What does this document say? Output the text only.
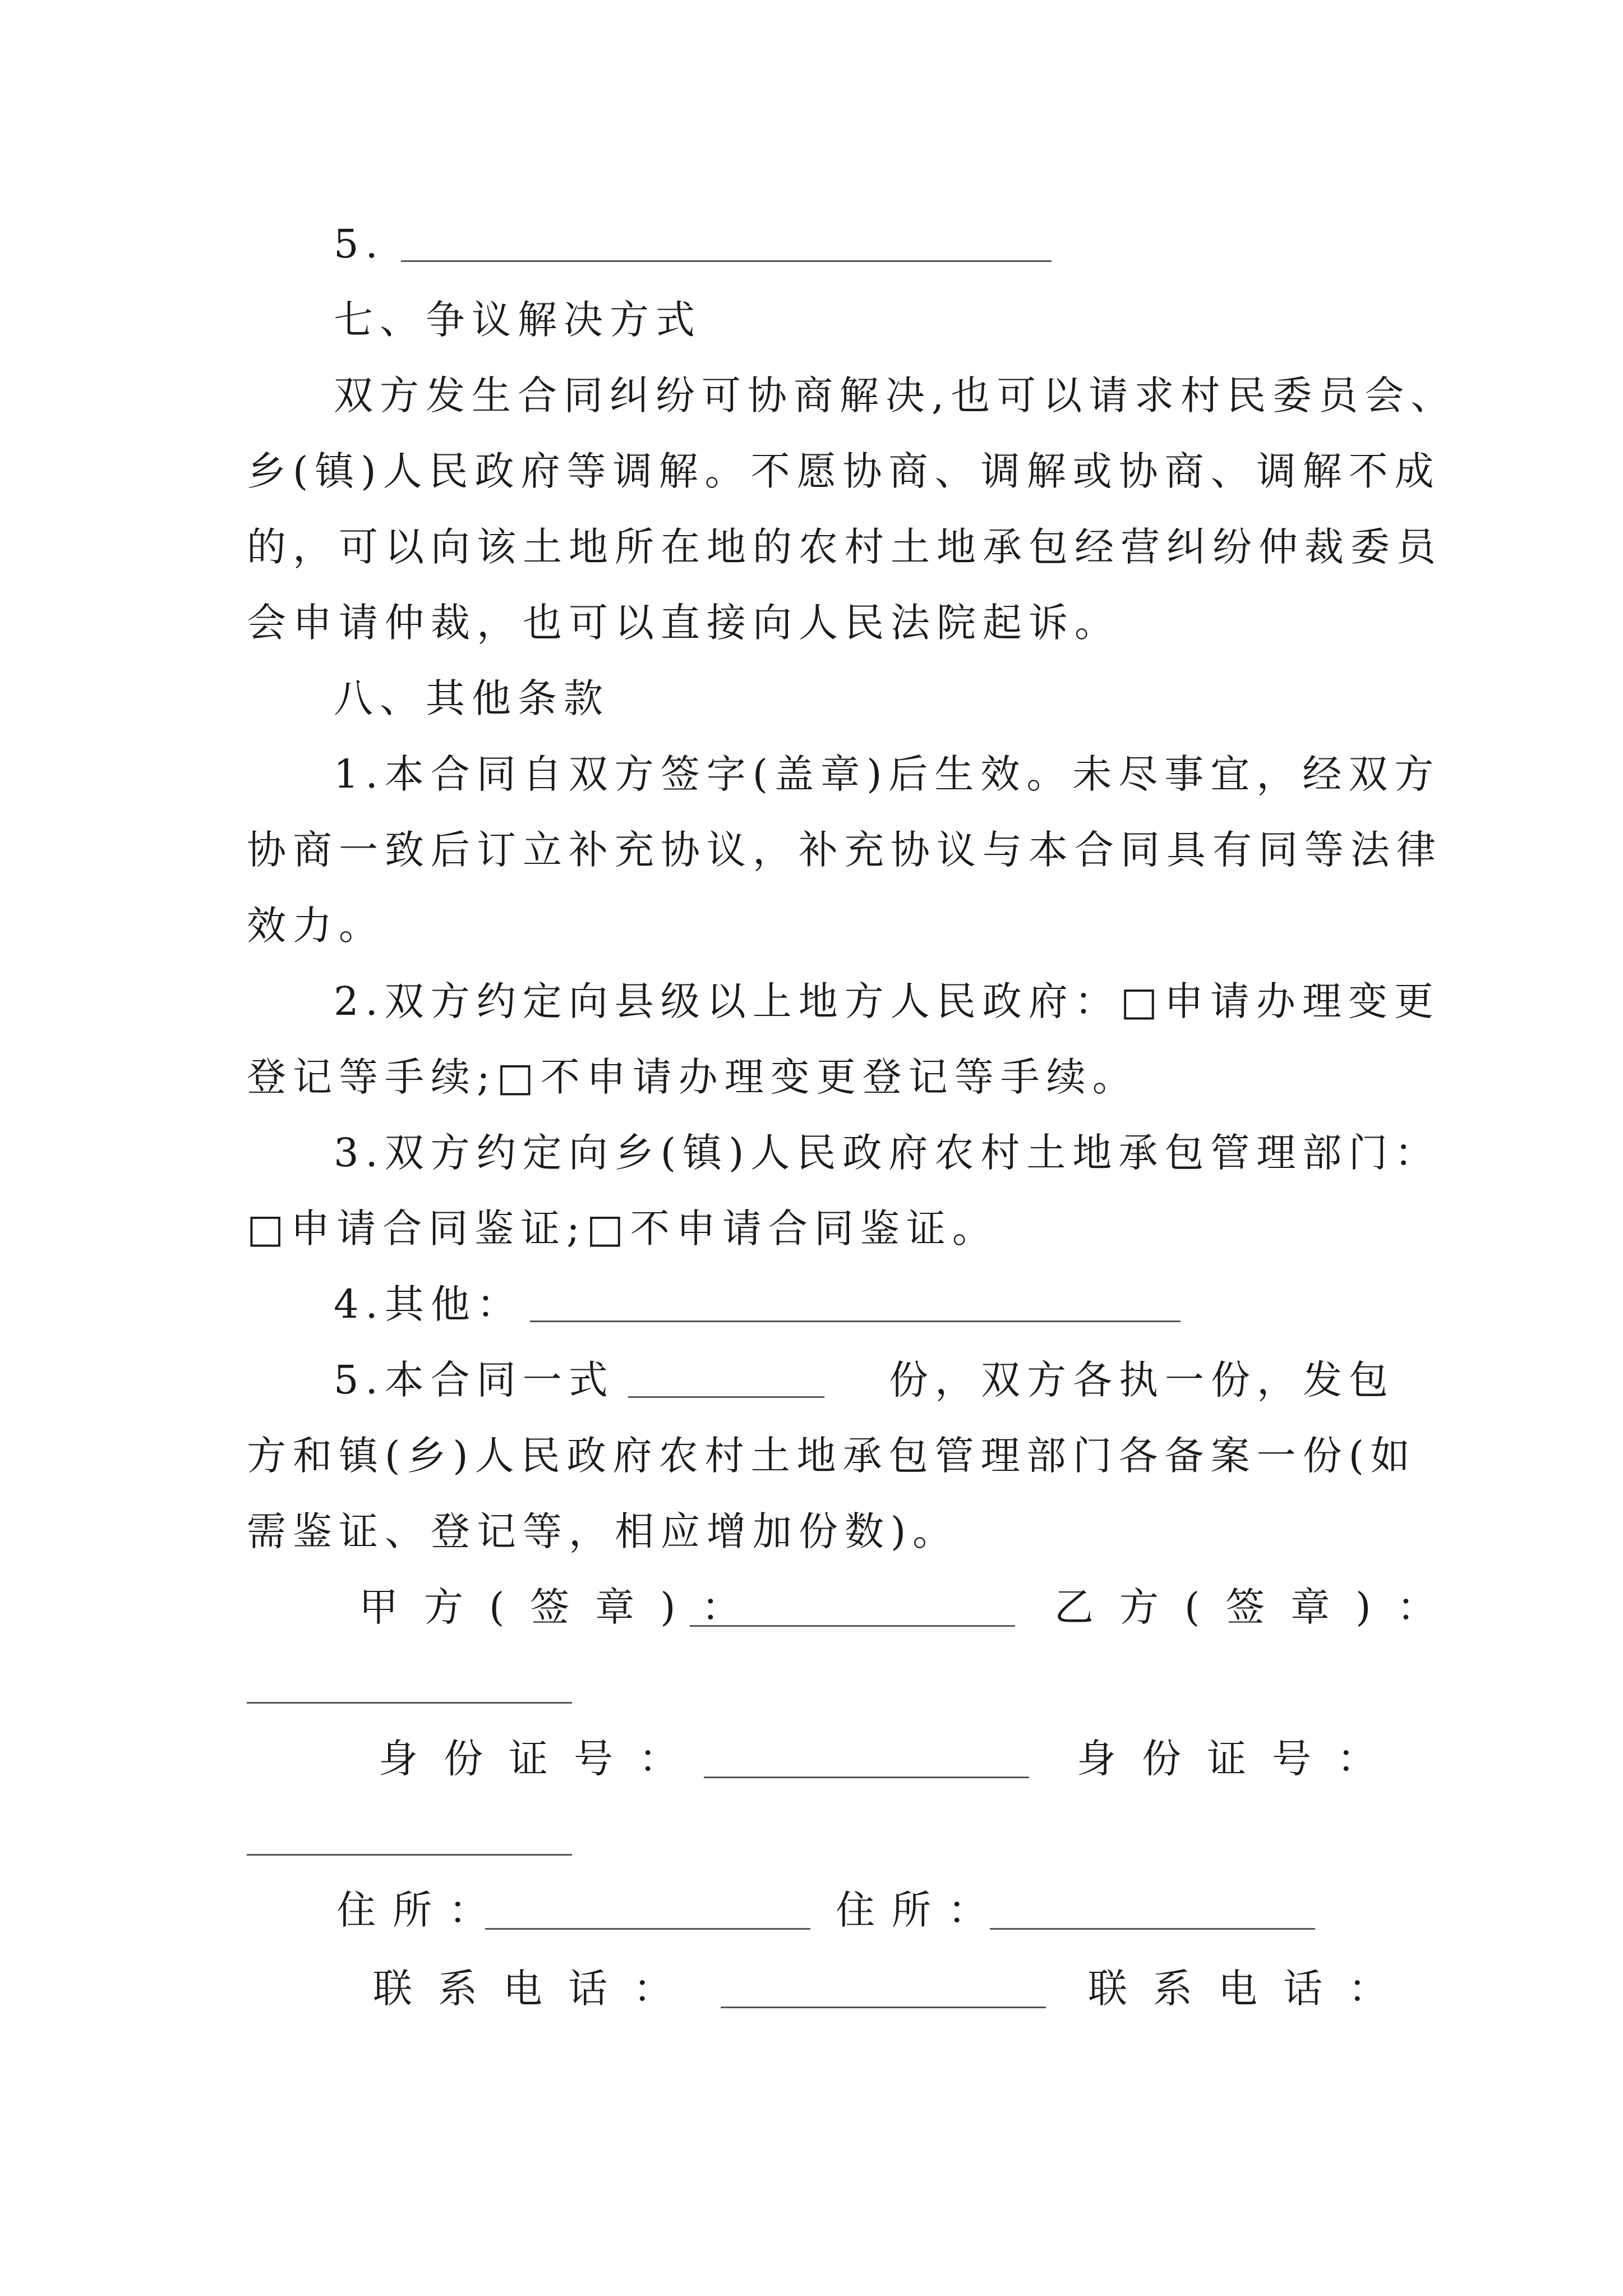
5.
七、争议解决方式
双方发生合同纠纷可协商解决,也可以请求村民委员会、
乡(镇)人民政府等调解。不愿协商、调解或协商、调解不成
的，可以向该土地所在地的农村土地承包经营纠纷仲裁委员
会申请仲裁，也可以直接向人民法院起诉。
八、其他条款
1.本合同自双方签字(盖章)后生效。未尽事宜，经双方
协商一致后订立补充协议，补充协议与本合同具有同等法律
效力。
2.双方约定向县级以上地方人民政府：□申请办理变更
登记等手续;□不申请办理变更登记等手续。
3.双方约定向乡(镇)人民政府农村土地承包管理部门：
□申请合同鉴证;□不申请合同鉴证。
4.其他：
5.本合同一式	份，双方各执一份，发包
方和镇(乡)人民政府农村土地承包管理部门各备案一份(如
需鉴证、登记等，相应增加份数)。
甲方(签章)：	乙方(签章)：
身份证号：	身份证号：
住所：	住所：
联系电话：	联系电话：
